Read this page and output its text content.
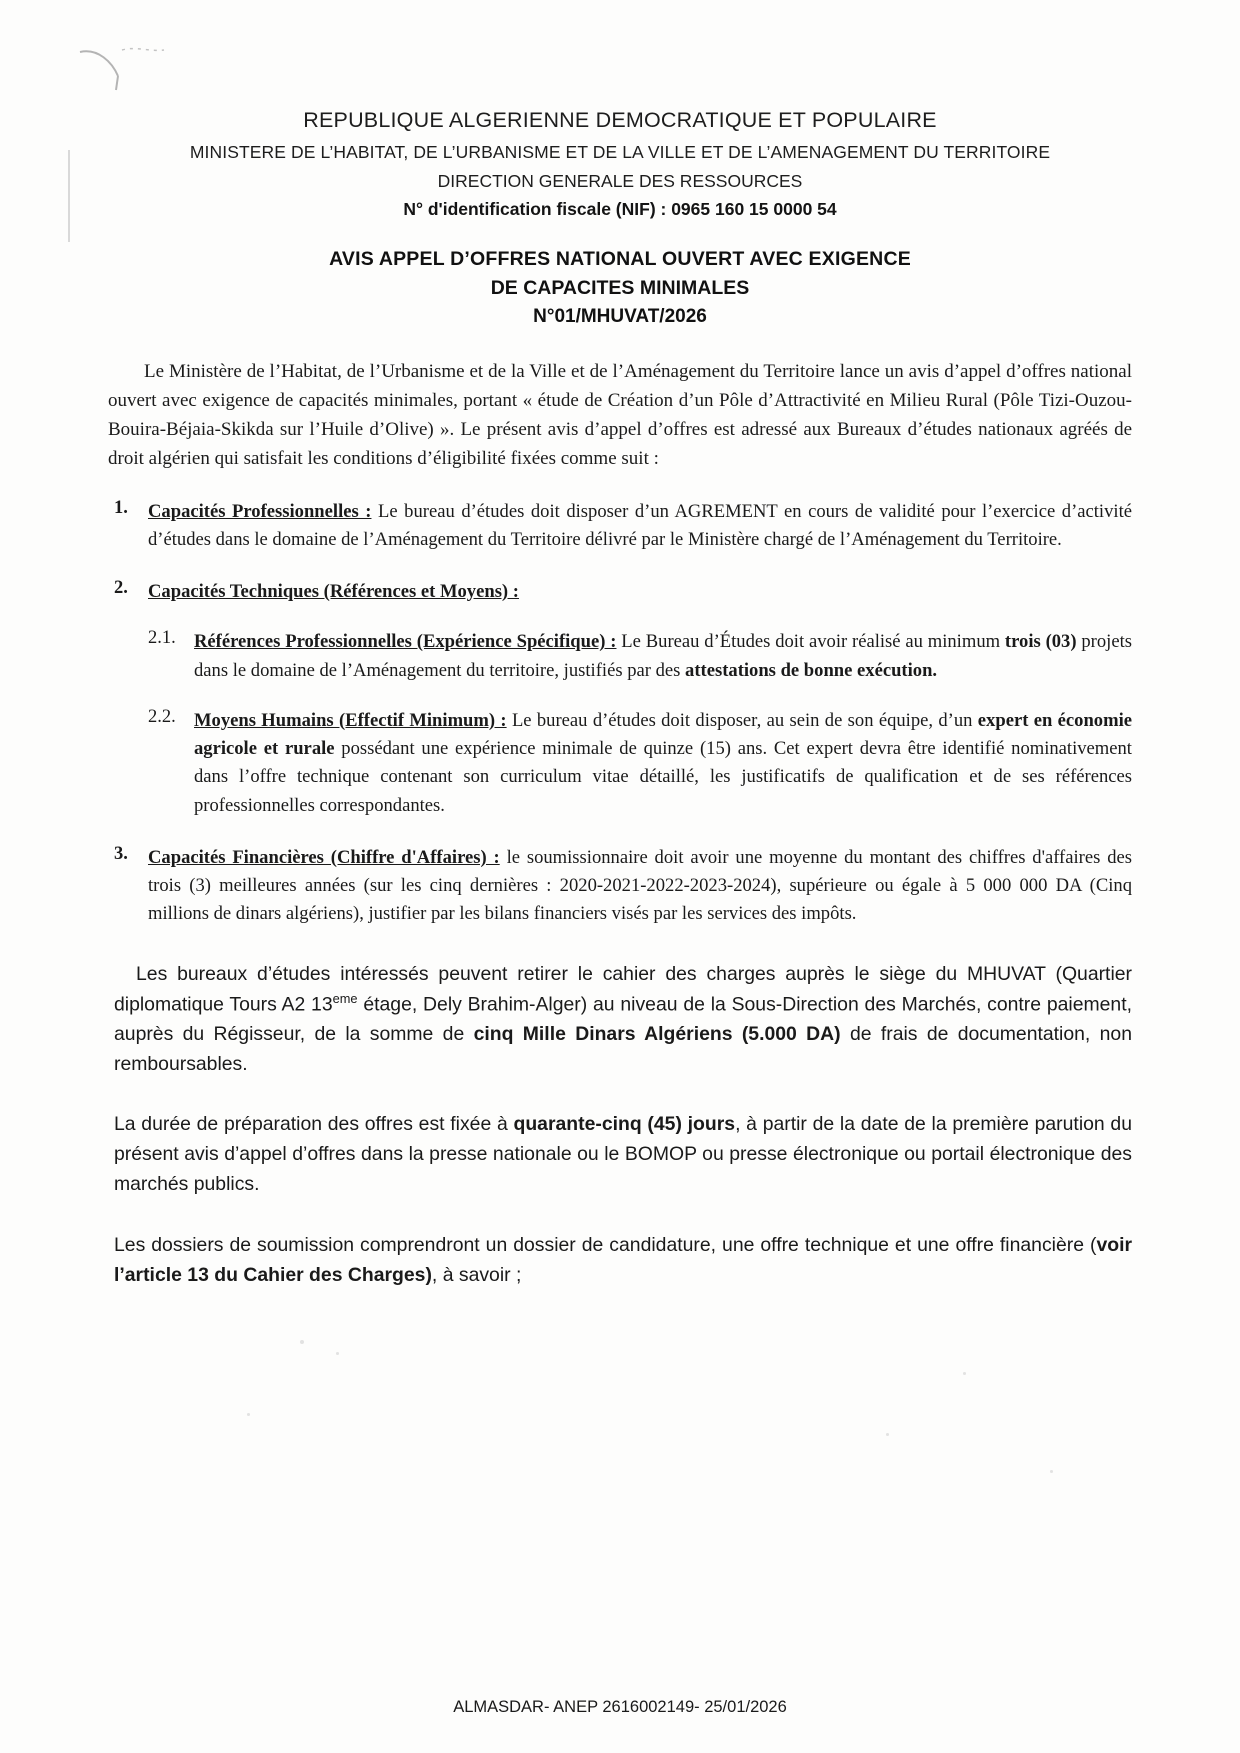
REPUBLIQUE ALGERIENNE DEMOCRATIQUE ET POPULAIRE
MINISTERE DE L’HABITAT, DE L’URBANISME ET DE LA VILLE ET DE L’AMENAGEMENT DU TERRITOIRE
DIRECTION GENERALE DES RESSOURCES
N° d'identification fiscale (NIF) : 0965 160 15 0000 54
AVIS APPEL D’OFFRES NATIONAL OUVERT AVEC EXIGENCE
DE CAPACITES MINIMALES
N°01/MHUVAT/2026

Le Ministère de l’Habitat, de l’Urbanisme et de la Ville et de l’Aménagement du Territoire lance un avis d’appel d’offres national ouvert avec exigence de capacités minimales, portant « étude de Création d’un Pôle d’Attractivité en Milieu Rural (Pôle Tizi-Ouzou-Bouira-Béjaia-Skikda sur l’Huile d’Olive) ». Le présent avis d’appel d’offres est adressé aux Bureaux d’études nationaux agréés de droit algérien qui satisfait les conditions d’éligibilité fixées comme suit :

1.	Capacités Professionnelles : Le bureau d’études doit disposer d’un AGREMENT en cours de validité pour l’exercice d’activité d’études dans le domaine de l’Aménagement du Territoire délivré par le Ministère chargé de l’Aménagement du Territoire.
2.	Capacités Techniques (Références et Moyens) :
2.1. Références Professionnelles (Expérience Spécifique) : Le Bureau d’Études doit avoir réalisé au minimum trois (03) projets dans le domaine de l’Aménagement du territoire, justifiés par des attestations de bonne exécution.
2.2. Moyens Humains (Effectif Minimum) : Le bureau d’études doit disposer, au sein de son équipe, d’un expert en économie agricole et rurale possédant une expérience minimale de quinze (15) ans. Cet expert devra être identifié nominativement dans l’offre technique contenant son curriculum vitae détaillé, les justificatifs de qualification et de ses références professionnelles correspondantes.
3.	Capacités Financières (Chiffre d'Affaires) : le soumissionnaire doit avoir une moyenne du montant des chiffres d'affaires des trois (3) meilleures années (sur les cinq dernières : 2020-2021-2022-2023-2024), supérieure ou égale à 5 000 000 DA (Cinq millions de dinars algériens), justifier par les bilans financiers visés par les services des impôts.

Les bureaux d’études intéressés peuvent retirer le cahier des charges auprès le siège du MHUVAT (Quartier diplomatique Tours A2 13eme étage, Dely Brahim-Alger) au niveau de la Sous-Direction des Marchés, contre paiement, auprès du Régisseur, de la somme de cinq Mille Dinars Algériens (5.000 DA) de frais de documentation, non remboursables.

La durée de préparation des offres est fixée à quarante-cinq (45) jours, à partir de la date de la première parution du présent avis d’appel d’offres dans la presse nationale ou le BOMOP ou presse électronique ou portail électronique des marchés publics.

Les dossiers de soumission comprendront un dossier de candidature, une offre technique et une offre financière (voir l’article 13 du Cahier des Charges), à savoir ;

ALMASDAR- ANEP 2616002149- 25/01/2026
